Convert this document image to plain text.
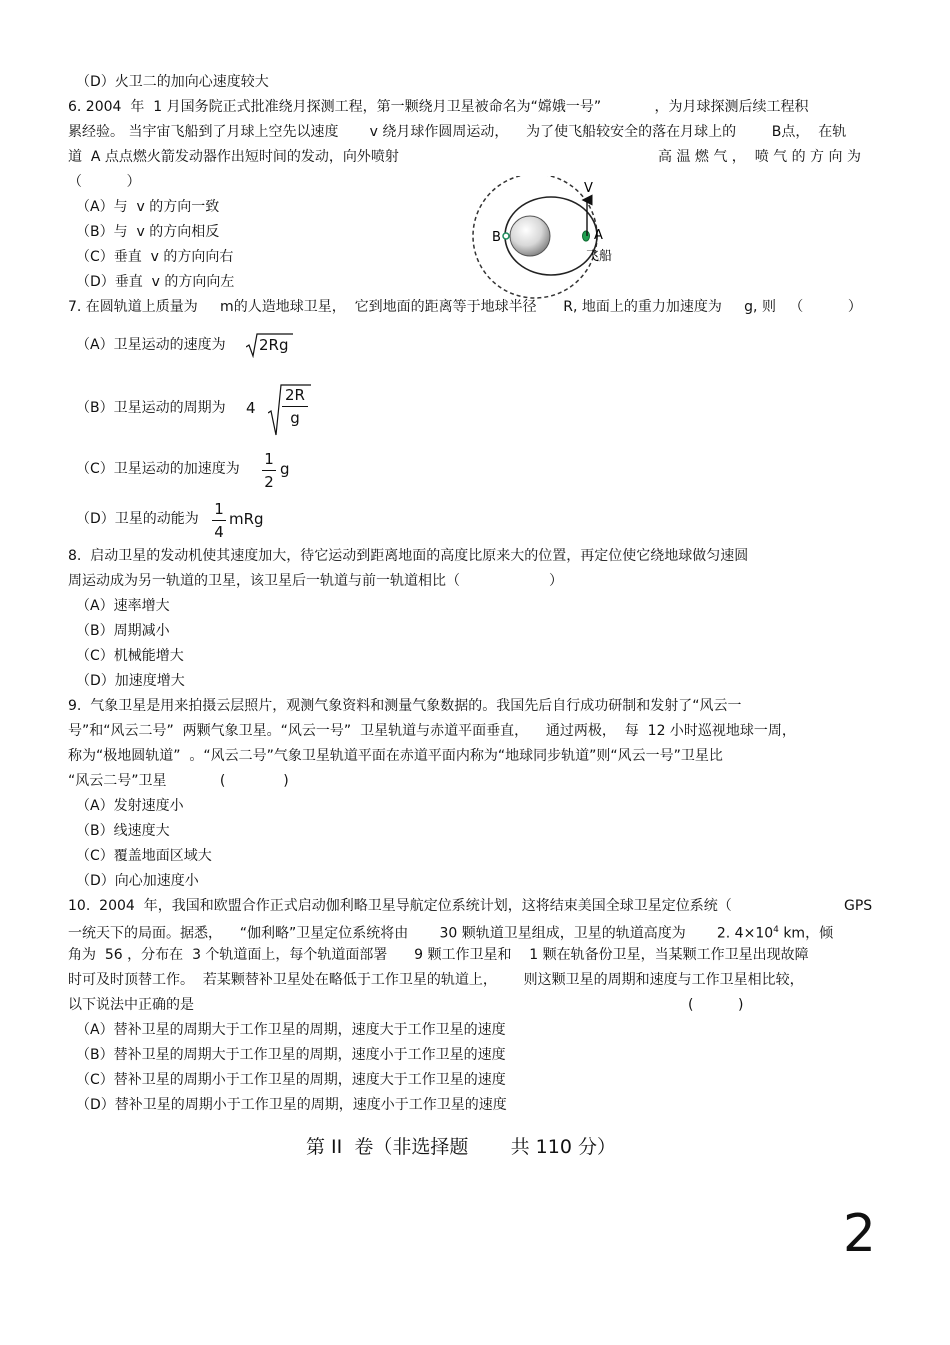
（D）火卫二的加向心速度较大
6. 2004  年  1 月国务院正式批准绕月探测工程，第一颗绕月卫星被命名为“嫦娥一号”            ，为月球探测后续工程积
累经验。 当宇宙飞船到了月球上空先以速度       v 绕月球作圆周运动，    为了使飞船较安全的落在月球上的        B点，  在轨
道  A 点点燃火箭发动器作出短时间的发动，向外喷射	高 温 燃 气 ，  喷 气 的 方 向 为
（          ）
（A）与  v 的方向一致
（B）与  v 的方向相反
（C）垂直  v 的方向向右
（D）垂直  v 的方向向左
V
A
B
飞船
7. 在圆轨道上质量为     m的人造地球卫星，  它到地面的距离等于地球半径      R, 地面上的重力加速度为     g, 则   （          ）
（A）卫星运动的速度为 2Rg
（B）卫星运动的周期为 4
2R
g
（C）卫星运动的加速度为
1
2
g
（D）卫星的动能为
1
4
mRg
8.  启动卫星的发动机使其速度加大，待它运动到距离地面的高度比原来大的位置，再定位使它绕地球做匀速圆
周运动成为另一轨道的卫星，该卫星后一轨道与前一轨道相比（                    ）
（A）速率增大
（B）周期减小
（C）机械能增大
（D）加速度增大
9.  气象卫星是用来拍摄云层照片，观测气象资料和测量气象数据的。我国先后自行成功研制和发射了“风云一
号”和“风云二号”  两颗气象卫星。“风云一号”  卫星轨道与赤道平面垂直，    通过两极，  每  12 小时巡视地球一周，
称为“极地圆轨道”  。“风云二号”气象卫星轨道平面在赤道平面内称为“地球同步轨道”则“风云一号”卫星比
“风云二号”卫星            (             )
（A）发射速度小
（B）线速度大
（C）覆盖地面区域大
（D）向心加速度小
10.  2004  年，我国和欧盟合作正式启动伽利略卫星导航定位系统计划，这将结束美国全球卫星定位系统（	GPS
一统天下的局面。据悉，    “伽利略”卫星定位系统将由       30 颗轨道卫星组成，卫星的轨道高度为       2. $4\times 10^4$ km，倾
角为  56 ，分布在  3 个轨道面上，每个轨道面部署      9 颗工作卫星和    1 颗在轨备份卫星，当某颗工作卫星出现故障
时可及时顶替工作。  若某颗替补卫星处在略低于工作卫星的轨道上，      则这颗卫星的周期和速度与工作卫星相比较，
以下说法中正确的是	(          )
（A）替补卫星的周期大于工作卫星的周期，速度大于工作卫星的速度
（B）替补卫星的周期大于工作卫星的周期，速度小于工作卫星的速度
（C）替补卫星的周期小于工作卫星的周期，速度大于工作卫星的速度
（D）替补卫星的周期小于工作卫星的周期，速度小于工作卫星的速度
第 II  卷（非选择题       共 110 分）
2
